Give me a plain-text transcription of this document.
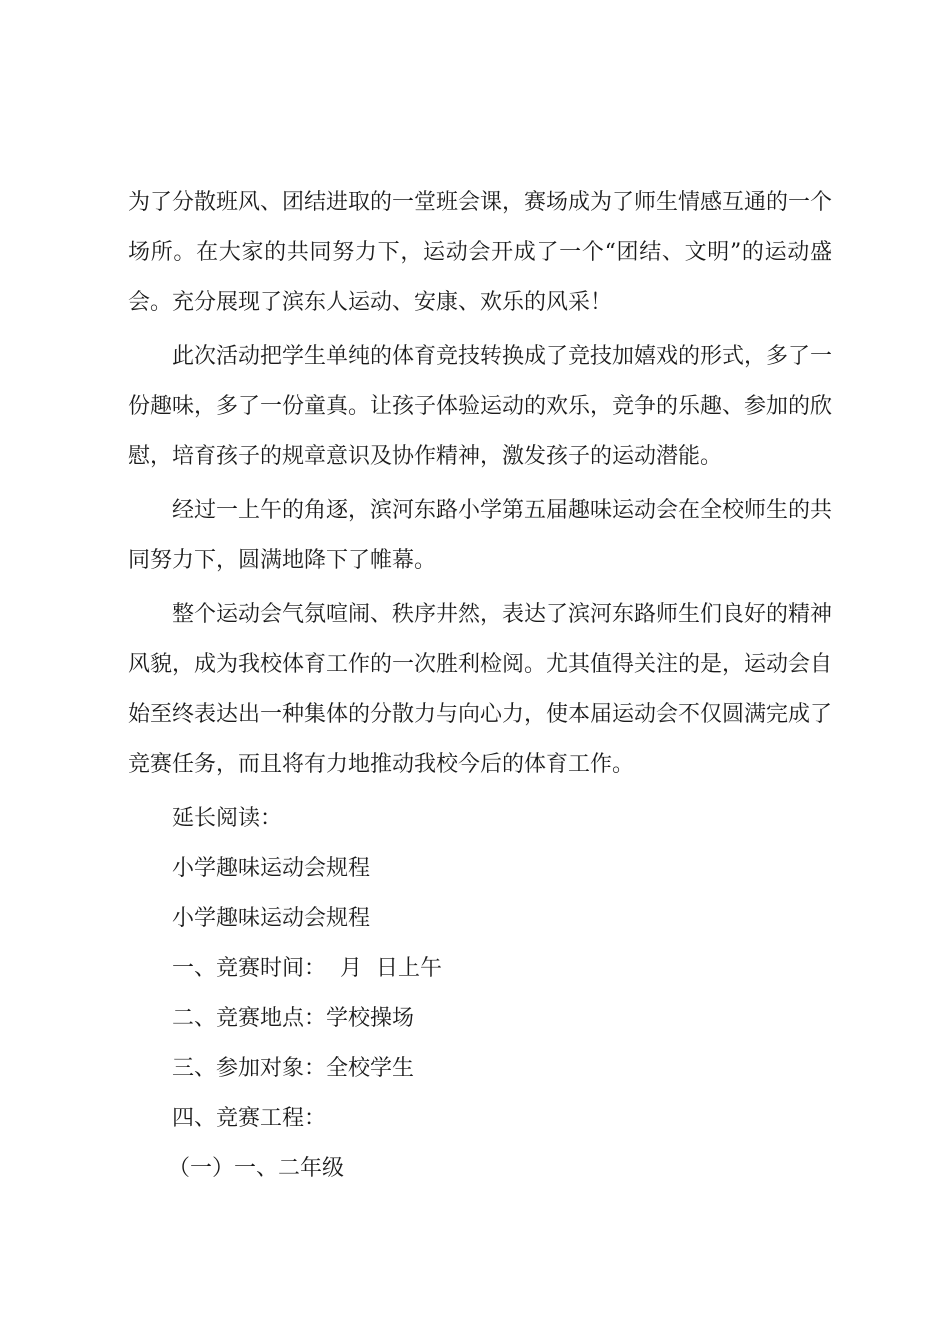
为了分散班风、团结进取的一堂班会课，赛场成为了师生情感互通的一个场所。在大家的共同努力下，运动会开成了一个“团结、文明”的运动盛会。充分展现了滨东人运动、安康、欢乐的风采！

此次活动把学生单纯的体育竞技转换成了竞技加嬉戏的形式，多了一份趣味，多了一份童真。让孩子体验运动的欢乐，竞争的乐趣、参加的欣慰，培育孩子的规章意识及协作精神，激发孩子的运动潜能。

经过一上午的角逐，滨河东路小学第五届趣味运动会在全校师生的共同努力下，圆满地降下了帷幕。

整个运动会气氛喧闹、秩序井然，表达了滨河东路师生们良好的精神风貌，成为我校体育工作的一次胜利检阅。尤其值得关注的是，运动会自始至终表达出一种集体的分散力与向心力，使本届运动会不仅圆满完成了竞赛任务，而且将有力地推动我校今后的体育工作。

延长阅读：

小学趣味运动会规程

小学趣味运动会规程

一、竞赛时间：  月  日上午

二、竞赛地点：学校操场

三、参加对象：全校学生

四、竞赛工程：

（一）一、二年级
